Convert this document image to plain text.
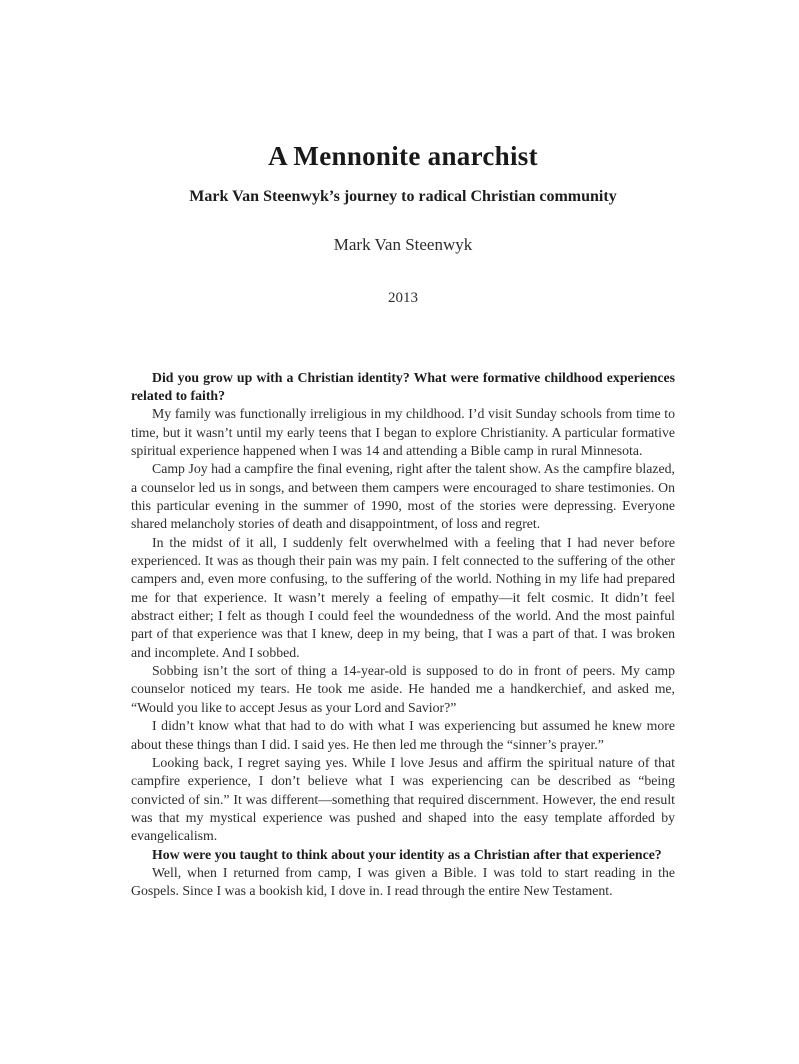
A Mennonite anarchist
Mark Van Steenwyk’s journey to radical Christian community

Mark Van Steenwyk

2013

Did you grow up with a Christian identity? What were formative childhood experiences related to faith?

My family was functionally irreligious in my childhood. I’d visit Sunday schools from time to time, but it wasn’t until my early teens that I began to explore Christianity. A particular formative spiritual experience happened when I was 14 and attending a Bible camp in rural Minnesota.

Camp Joy had a campfire the final evening, right after the talent show. As the campfire blazed, a counselor led us in songs, and between them campers were encouraged to share testimonies. On this particular evening in the summer of 1990, most of the stories were depressing. Everyone shared melancholy stories of death and disappointment, of loss and regret.

In the midst of it all, I suddenly felt overwhelmed with a feeling that I had never before experienced. It was as though their pain was my pain. I felt connected to the suffering of the other campers and, even more confusing, to the suffering of the world. Nothing in my life had prepared me for that experience. It wasn’t merely a feeling of empathy—it felt cosmic. It didn’t feel abstract either; I felt as though I could feel the woundedness of the world. And the most painful part of that experience was that I knew, deep in my being, that I was a part of that. I was broken and incomplete. And I sobbed.

Sobbing isn’t the sort of thing a 14-year-old is supposed to do in front of peers. My camp counselor noticed my tears. He took me aside. He handed me a handkerchief, and asked me, “Would you like to accept Jesus as your Lord and Savior?”

I didn’t know what that had to do with what I was experiencing but assumed he knew more about these things than I did. I said yes. He then led me through the “sinner’s prayer.”

Looking back, I regret saying yes. While I love Jesus and affirm the spiritual nature of that campfire experience, I don’t believe what I was experiencing can be described as “being convicted of sin.” It was different—something that required discernment. However, the end result was that my mystical experience was pushed and shaped into the easy template afforded by evangelicalism.

How were you taught to think about your identity as a Christian after that experience?

Well, when I returned from camp, I was given a Bible. I was told to start reading in the Gospels. Since I was a bookish kid, I dove in. I read through the entire New Testament.
